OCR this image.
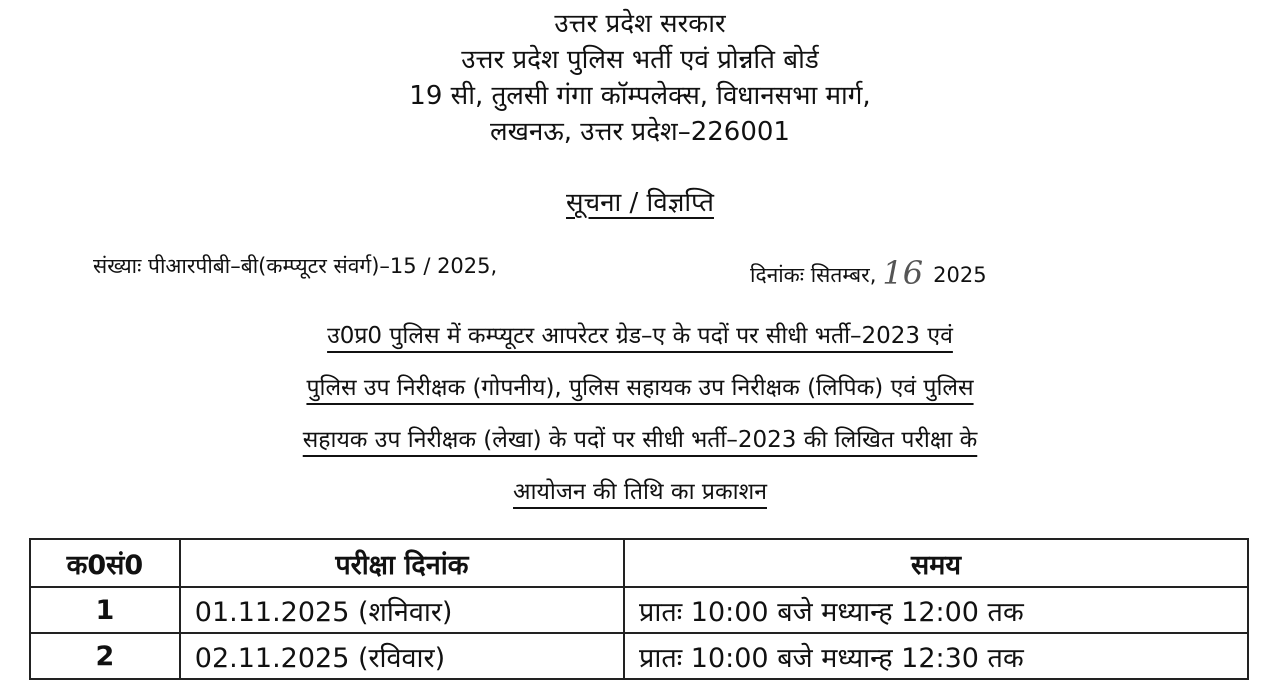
उत्तर प्रदेश सरकार
उत्तर प्रदेश पुलिस भर्ती एवं प्रोन्नति बोर्ड
19 सी, तुलसी गंगा कॉम्पलेक्स, विधानसभा मार्ग,
लखनऊ, उत्तर प्रदेश–226001
सूचना / विज्ञप्ति
संख्याः पीआरपीबी–बी(कम्प्यूटर संवर्ग)–15 / 2025,	दिनांकः सितम्बर, 16 2025
उ0प्र0 पुलिस में कम्प्यूटर आपरेटर ग्रेड–ए के पदों पर सीधी भर्ती–2023 एवं
पुलिस उप निरीक्षक (गोपनीय), पुलिस सहायक उप निरीक्षक (लिपिक) एवं पुलिस
सहायक उप निरीक्षक (लेखा) के पदों पर सीधी भर्ती–2023 की लिखित परीक्षा के
आयोजन की तिथि का प्रकाशन
क0सं0	परीक्षा दिनांक	समय
1	01.11.2025 (शनिवार)	प्रातः 10:00 बजे मध्यान्ह 12:00 तक
2	02.11.2025 (रविवार)	प्रातः 10:00 बजे मध्यान्ह 12:30 तक
